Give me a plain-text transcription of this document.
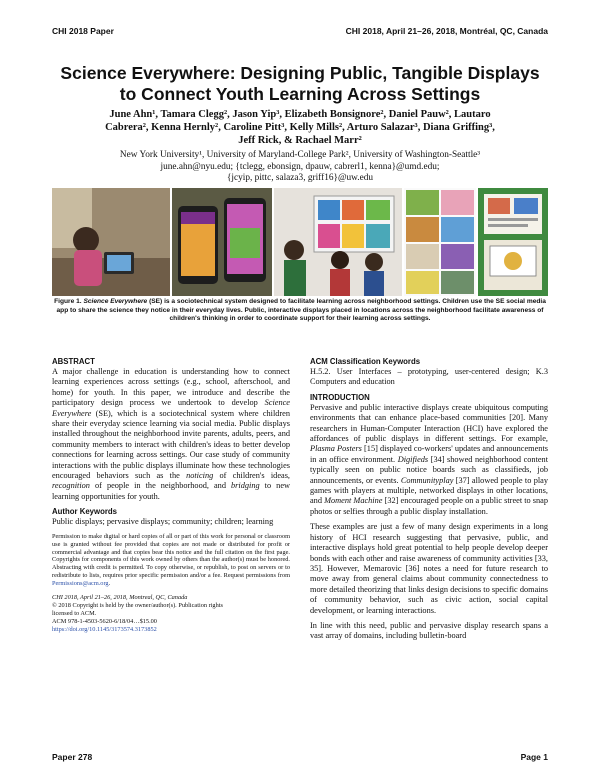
CHI 2018 Paper	CHI 2018, April 21–26, 2018, Montréal, QC, Canada
Science Everywhere: Designing Public, Tangible Displays
to Connect Youth Learning Across Settings
June Ahn¹, Tamara Clegg², Jason Yip³, Elizabeth Bonsignore², Daniel Pauw², Lautaro
Cabrera², Kenna Hernly², Caroline Pitt³, Kelly Mills², Arturo Salazar³, Diana Griffing³,
Jeff Rick, & Rachael Marr²
New York University¹, University of Maryland-College Park², University of Washington-Seattle³
june.ahn@nyu.edu; {tclegg, ebonsign, dpauw, cabrerl1, kenna}@umd.edu;
{jcyip, pittc, salaza3, griff16}@uw.edu
Figure 1. Science Everywhere (SE) is a sociotechnical system designed to facilitate learning across neighborhood settings. Children use the SE social media app to share the science they notice in their everyday lives. Public, interactive displays placed in locations across the neighborhood facilitate awareness of children's thinking in order to coordinate support for their learning across settings.
ABSTRACT

A major challenge in education is understanding how to connect learning experiences across settings (e.g., school, afterschool, and home) for youth. In this paper, we introduce and describe the participatory design process we undertook to develop Science Everywhere (SE), which is a sociotechnical system where children share their everyday science learning via social media. Public displays installed throughout the neighborhood invite parents, adults, peers, and community members to interact with children's ideas to better develop connections for learning across settings. Our case study of community interactions with the public displays illuminate how these technologies encouraged behaviors such as the noticing of children's ideas, recognition of people in the neighborhood, and bridging to new learning opportunities for youth.

Author Keywords

Public displays; pervasive displays; community; children; learning

Permission to make digital or hard copies of all or part of this work for personal or classroom use is granted without fee provided that copies are not made or distributed for profit or commercial advantage and that copies bear this notice and the full citation on the first page. Copyrights for components of this work owned by others than the author(s) must be honored. Abstracting with credit is permitted. To copy otherwise, or republish, to post on servers or to redistribute to lists, requires prior specific permission and/or a fee. Request permissions from Permissions@acm.org.

CHI 2018, April 21–26, 2018, Montreal, QC, Canada
© 2018 Copyright is held by the owner/author(s). Publication rights
licensed to ACM.
ACM 978-1-4503-5620-6/18/04…$15.00
https://doi.org/10.1145/3173574.3173852
ACM Classification Keywords

H.5.2. User Interfaces – prototyping, user-centered design; K.3 Computers and education

INTRODUCTION

Pervasive and public interactive displays create ubiquitous computing environments that can enhance place-based communities [20]. Many researchers in Human-Computer Interaction (HCI) have explored the affordances of public displays in different settings. For example, Plasma Posters [15] displayed co-workers' updates and announcements in an office environment. Digifieds [34] showed neighborhood content typically seen on public notice boards such as classifieds, job announcements, or events. Communityplay [37] allowed people to play games with players at multiple, networked displays in other locations, and Moment Machine [32] encouraged people on a public street to snap photos or selfies through a public display installation.

These examples are just a few of many design experiments in a long history of HCI research suggesting that pervasive, public, and interactive displays hold great potential to help people develop deeper bonds with each other and raise awareness of community activities [33, 35]. However, Memarovic [36] notes a need for future research to move away from general claims about community connectedness to more detailed theorizing that links design decisions to specific domains of community behavior, such as civic action, social capital development, or learning interactions.

In line with this need, public and pervasive display research spans a vast array of domains, including bulletin-board

Paper 278	Page 1
